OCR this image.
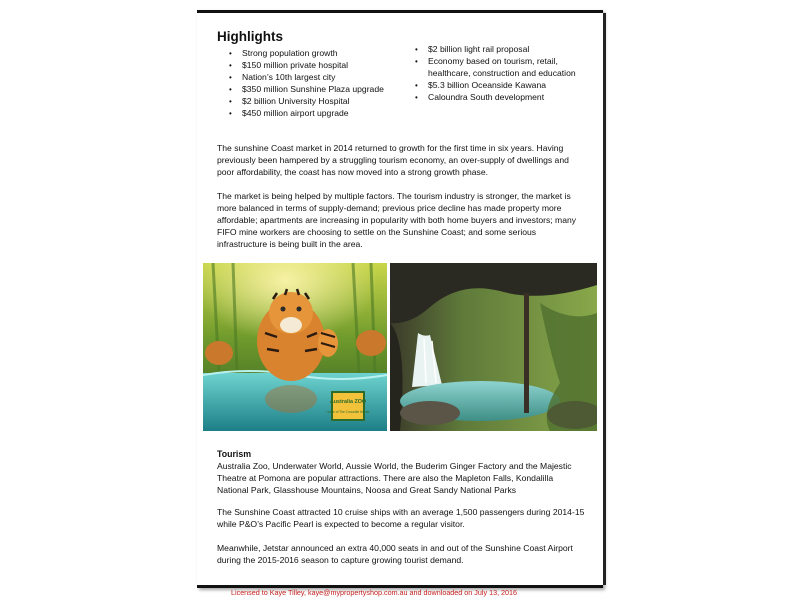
Highlights
• Strong population growth
• $150 million private hospital
• Nation’s 10th largest city
• $350 million Sunshine Plaza upgrade
• $2 billion University Hospital
• $450 million airport upgrade
• $2 billion light rail proposal
• Economy based on tourism, retail, healthcare, construction and education
• $5.3 billion Oceanside Kawana
• Caloundra South development

The sunshine Coast market in 2014 returned to growth for the first time in six years. Having previously been hampered by a struggling tourism economy, an over-supply of dwellings and poor affordability, the coast has now moved into a strong growth phase.

The market is being helped by multiple factors. The tourism industry is stronger, the market is more balanced in terms of supply-demand; previous price decline has made property more affordable; apartments are increasing in popularity with both home buyers and investors; many FIFO mine workers are choosing to settle on the Sunshine Coast; and some serious infrastructure is being built in the area.

Australia ZOO
Home of The Crocodile Hunter
Tourism

Australia Zoo, Underwater World, Aussie World, the Buderim Ginger Factory and the Majestic Theatre at Pomona are popular attractions. There are also the Mapleton Falls, Kondalilla National Park, Glasshouse Mountains, Noosa and Great Sandy National Parks

The Sunshine Coast attracted 10 cruise ships with an average 1,500 passengers during 2014-15 while P&O’s Pacific Pearl is expected to become a regular visitor.

Meanwhile, Jetstar announced an extra 40,000 seats in and out of the Sunshine Coast Airport during the 2015-2016 season to capture growing tourist demand.

Licensed to Kaye Tilley, kaye@mypropertyshop.com.au and downloaded on July 13, 2016
